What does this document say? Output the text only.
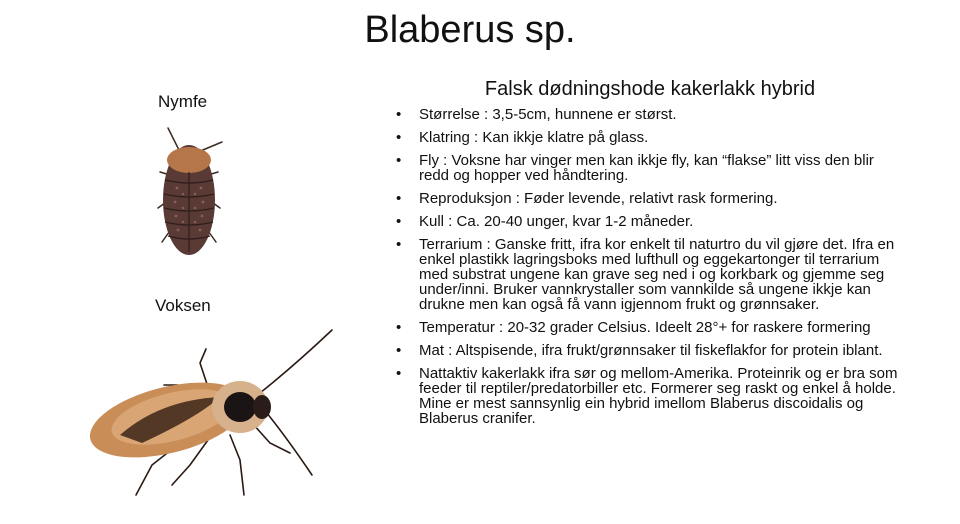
Blaberus sp.
Nymfe
Voksen
Falsk dødningshode kakerlakk hybrid
• Størrelse : 3,5-5cm, hunnene er størst.
• Klatring : Kan ikkje klatre på glass.
• Fly : Voksne har vinger men kan ikkje fly, kan “flakse” litt viss den blir redd og hopper ved håndtering.
• Reproduksjon : Føder levende, relativt rask formering.
• Kull : Ca. 20-40 unger, kvar 1-2 måneder.
• Terrarium : Ganske fritt, ifra kor enkelt til naturtro du vil gjøre det. Ifra en enkel plastikk lagringsboks med lufthull og eggekartonger til terrarium med substrat ungene kan grave seg ned i og korkbark og gjemme seg under/inni. Bruker vannkrystaller som vannkilde så ungene ikkje kan drukne men kan også få vann igjennom frukt og grønnsaker.
• Temperatur : 20-32 grader Celsius. Ideelt 28°+ for raskere formering
• Mat : Altspisende, ifra frukt/grønnsaker til fiskeflakfor for protein iblant.
• Nattaktiv kakerlakk ifra sør og mellom-Amerika. Proteinrik og er bra som feeder til reptiler/predatorbiller etc. Formerer seg raskt og enkel å holde. Mine er mest sannsynlig ein hybrid imellom Blaberus discoidalis og Blaberus cranifer.
